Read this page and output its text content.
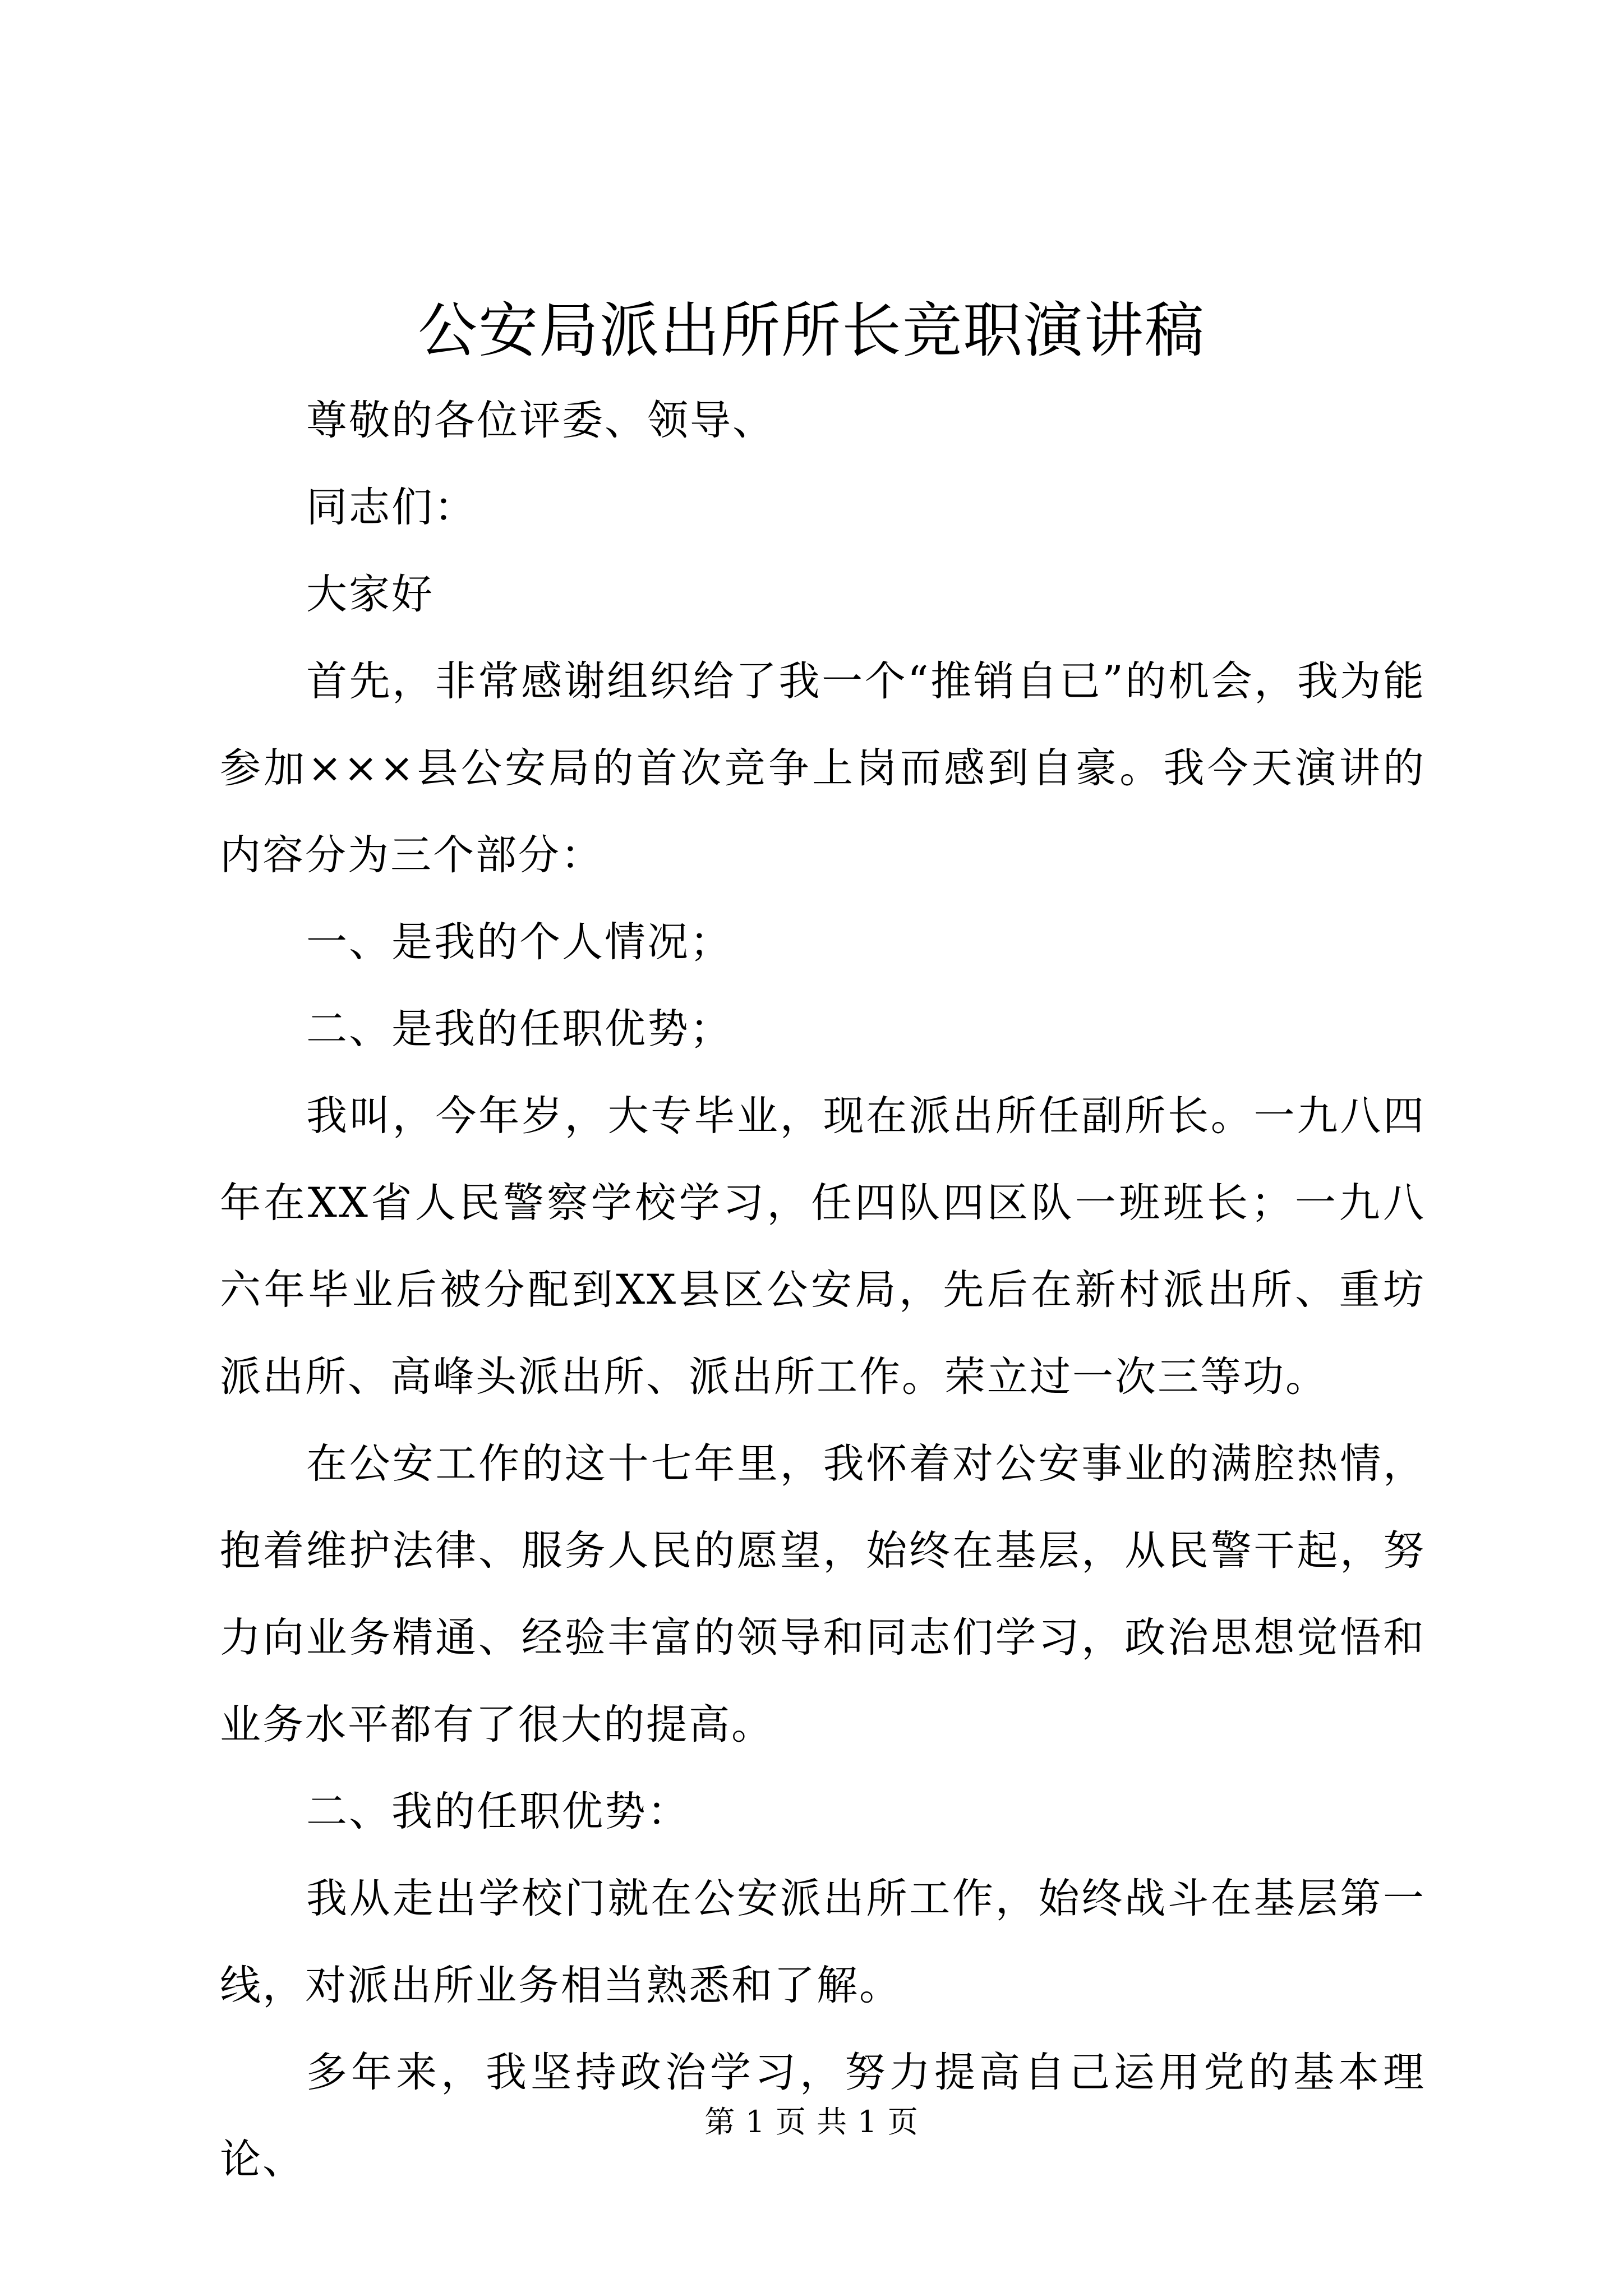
公安局派出所所长竞职演讲稿

尊敬的各位评委、领导、

同志们：

大家好

首先，非常感谢组织给了我一个“推销自已”的机会，我为能参加×××县公安局的首次竞争上岗而感到自豪。我今天演讲的内容分为三个部分：

一、是我的个人情况；

二、是我的任职优势；

我叫，今年岁，大专毕业，现在派出所任副所长。一九八四年在XX省人民警察学校学习，任四队四区队一班班长；一九八六年毕业后被分配到XX县区公安局，先后在新村派出所、重坊派出所、高峰头派出所、派出所工作。荣立过一次三等功。

在公安工作的这十七年里，我怀着对公安事业的满腔热情，抱着维护法律、服务人民的愿望，始终在基层，从民警干起，努力向业务精通、经验丰富的领导和同志们学习，政治思想觉悟和业务水平都有了很大的提高。

二、我的任职优势：

我从走出学校门就在公安派出所工作，始终战斗在基层第一线，对派出所业务相当熟悉和了解。

多年来，我坚持政治学习，努力提高自己运用党的基本理论、

第 1 页 共 1 页
